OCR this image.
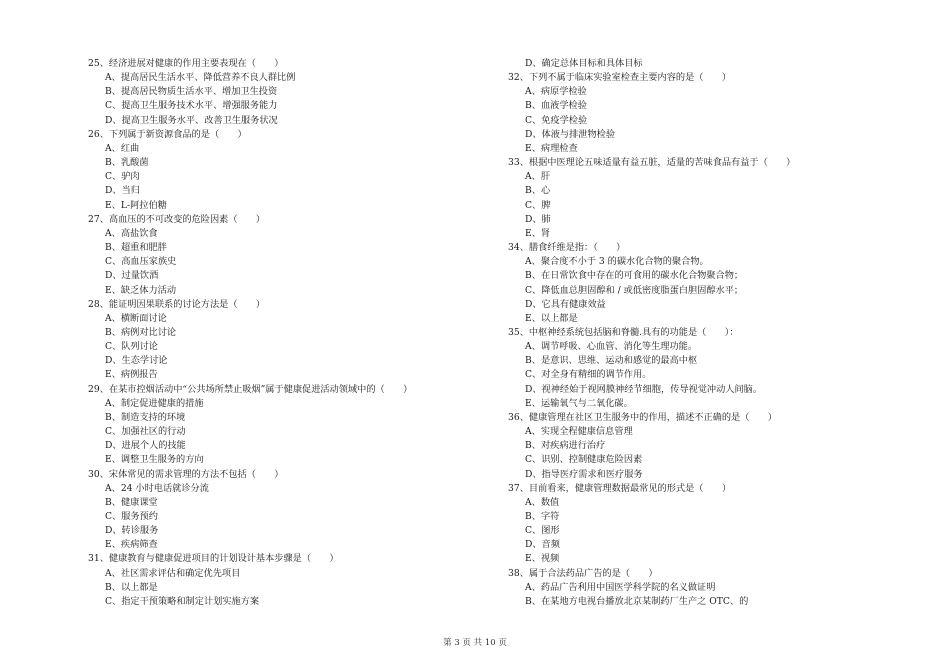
25、经济进展对健康的作用主要表现在（　　）
A、提高居民生活水平、降低营养不良人群比例
B、提高居民物质生活水平、增加卫生投资
C、提高卫生服务技术水平、增强服务能力
D、提高卫生服务水平、改善卫生服务状况
26、下列属于新资源食品的是（　　）
A、红曲
B、乳酸菌
C、驴肉
D、当归
E、L-阿拉伯糖
27、高血压的不可改变的危险因素（　　）
A、高盐饮食
B、超重和肥胖
C、高血压家族史
D、过量饮酒
E、缺乏体力活动
28、能证明因果联系的讨论方法是（　　）
A、横断面讨论
B、病例对比讨论
C、队列讨论
D、生态学讨论
E、病例报告
29、在某市控烟活动中“公共场所禁止吸烟”属于健康促进活动领域中的（　　）
A、制定促进健康的措施
B、制造支持的环境
C、加强社区的行动
D、进展个人的技能
E、调整卫生服务的方向
30、宋体常见的需求管理的方法不包括（　　）
A、24 小时电话就诊分流
B、健康课堂
C、服务预约
D、转诊服务
E、疾病筛查
31、健康教育与健康促进项目的计划设计基本步骤是（　　）
A、社区需求评估和确定优先项目
B、以上都是
C、指定干预策略和制定计划实施方案
D、确定总体目标和具体目标
32、下列不属于临床实验室检查主要内容的是（　　）
A、病原学检验
B、血液学检验
C、免疫学检验
D、体液与排泄物检验
E、病理检查
33、根据中医理论五味适量有益五脏，适量的苦味食品有益于（　　）
A、肝
B、心
C、脾
D、肺
E、肾
34、膳食纤维是指：（　　）
A、聚合度不小于 3 的碳水化合物的聚合物。
B、在日常饮食中存在的可食用的碳水化合物聚合物；
C、降低血总胆固醇和 / 或低密度脂蛋白胆固醇水平；
D、它具有健康效益
E、以上都是
35、中枢神经系统包括脑和脊髓.具有的功能是（　　）：
A、调节呼吸、心血管、消化等生理功能。
B、是意识、思维、运动和感觉的最高中枢
C、对全身有精细的调节作用。
D、视神经始于视网膜神经节细胞，传导视觉冲动人间脑。
E、运输氧气与二氧化碳。
36、健康管理在社区卫生服务中的作用，描述不正确的是（　　）
A、实现全程健康信息管理
B、对疾病进行治疗
C、识别、控制健康危险因素
D、指导医疗需求和医疗服务
37、目前看来，健康管理数据最常见的形式是（　　）
A、数值
B、字符
C、图形
D、音频
E、视频
38、属于合法药品广告的是（　　）
A、药品广告利用中国医学科学院的名义做证明
B、在某地方电视台播放北京某制药厂生产之 OTC、的
第 3 页 共 10 页
